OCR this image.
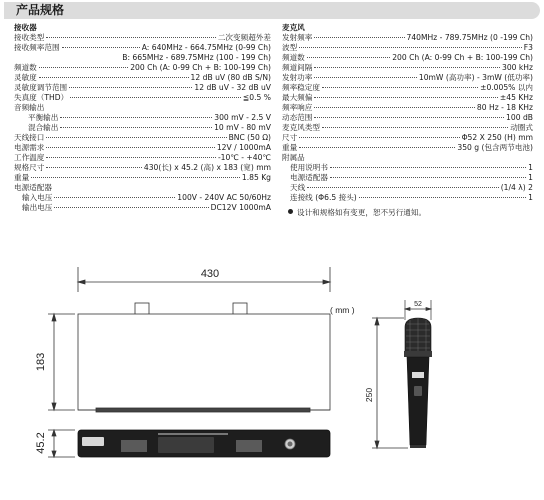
产品规格
接收器
接收类型	二次变频超外差
接收频率范围	A: 640MHz - 664.75MHz (0-99 Ch)
B: 665MHz - 689.75MHz (100 - 199 Ch)
频道数	200 Ch (A: 0-99 Ch + B: 100-199 Ch)
灵敏度	12 dB uV (80 dB S/N)
灵敏度调节范围	12 dB uV - 32 dB uV
失真度（THD）	≦0.5 %
音频输出
平衡输出	300 mV - 2.5 V
混合输出	10 mV - 80 mV
天线接口	BNC (50 Ω)
电源需求	12V / 1000mA
工作温度	-10℃ - +40℃
规格尺寸	430(长) x 45.2 (高) x 183 (宽) mm
重量	1.85 Kg
电源适配器
输入电压	100V - 240V AC 50/60Hz
输出电压	DC12V 1000mA
麦克风
发射频率	740MHz - 789.75MHz (0 -199 Ch)
波型	F3
频道数	200 Ch (A: 0-99 Ch + B: 100-199 Ch)
频道间隔	300 kHz
发射功率	10mW (高功率) - 3mW (低功率)
频率稳定度	±0.005% 以内
最大频偏	±45 KHz
频率响应	80 Hz - 18 KHz
动态范围	100 dB
麦克风类型	动圈式
尺寸	Φ52 X 250 (H) mm
重量	350 g (包含两节电池)
附属品
使用说明书	1
电源适配器	1
天线	(1/4 λ) 2
连接线 (Φ6.5 接头)	1
设计和规格如有变更，恕不另行通知。
430
183
45.2
( mm )
52
250
